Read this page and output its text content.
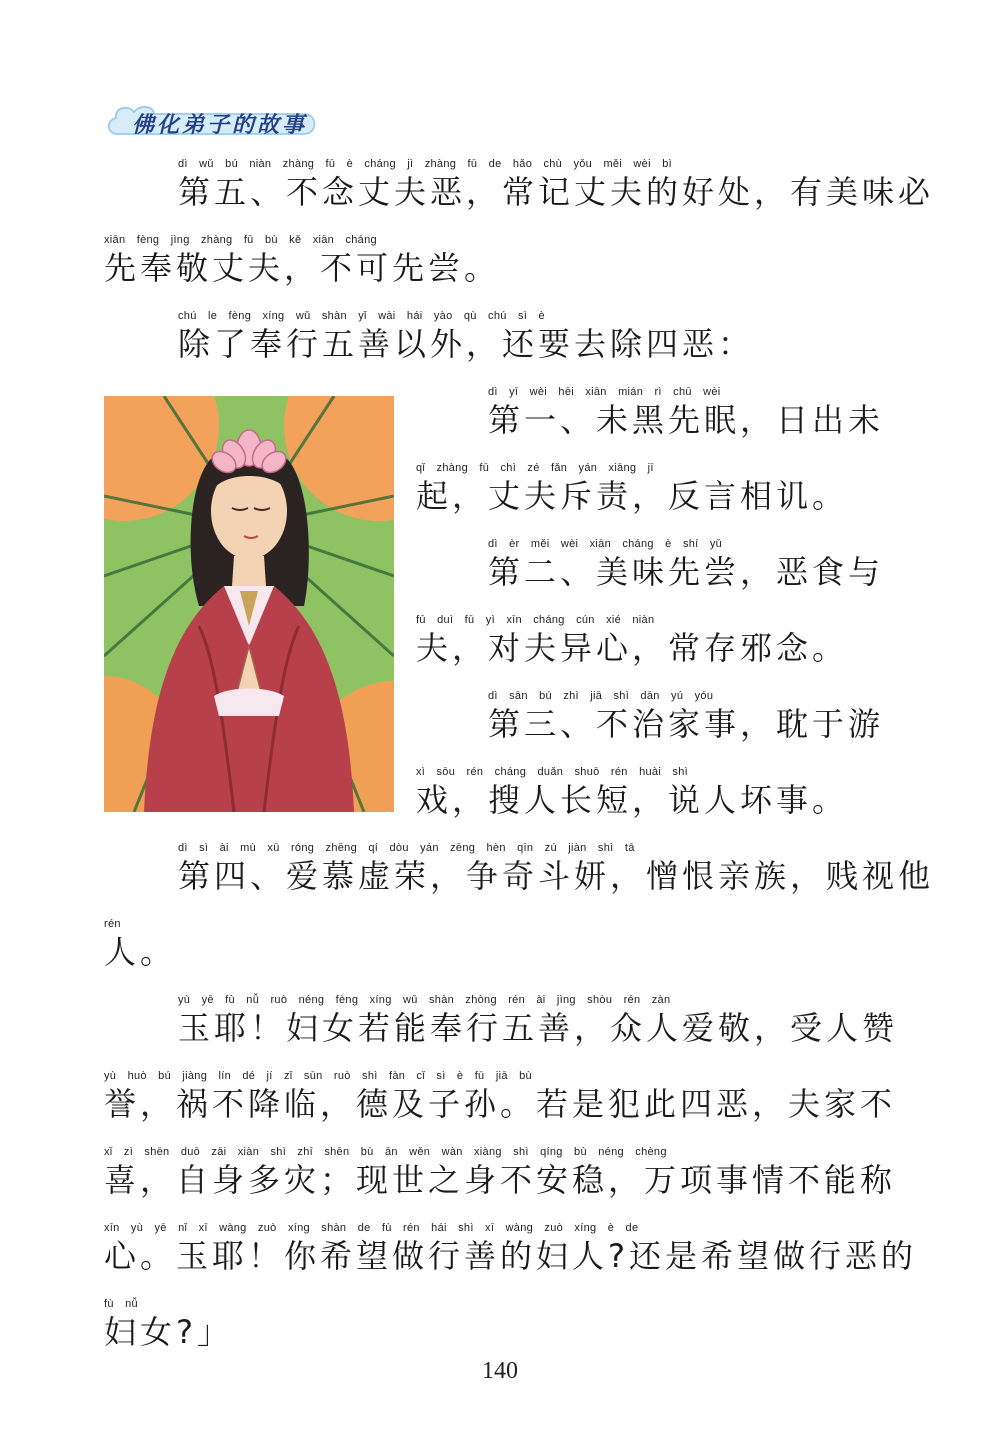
佛化弟子的故事
dì wǔ bú niàn zhàng fū è cháng jì zhàng fū de hǎo chù yǒu měi wèi bì
第五、不念丈夫恶，常记丈夫的好处，有美味必
xiān fèng jìng zhàng fū bù kě xiān cháng
先奉敬丈夫，不可先尝。
chú le fèng xíng wǔ shàn yǐ wài hái yào qù chú sì è
除了奉行五善以外，还要去除四恶：
dì yī wèi hēi xiān mián rì chū wèi
第一、未黑先眠，日出未
qǐ zhàng fū chì zé fǎn yán xiāng jī
起，丈夫斥责，反言相讥。
dì èr měi wèi xiān cháng è shí yǔ
第二、美味先尝，恶食与
fū duì fū yì xīn cháng cún xié niàn
夫，对夫异心，常存邪念。
dì sān bú zhì jiā shì dān yú yóu
第三、不治家事，耽于游
xì sōu rén cháng duǎn shuō rén huài shì
戏，搜人长短，说人坏事。
dì sì ài mù xū róng zhēng qí dòu yán zēng hèn qīn zú jiàn shì tā
第四、爱慕虚荣，争奇斗妍，憎恨亲族，贱视他
rén
人。
yù yē fù nǚ ruò néng fèng xíng wǔ shàn zhòng rén ài jìng shòu rén zàn
玉耶！妇女若能奉行五善，众人爱敬，受人赞
yù huò bú jiàng lín dé jí zǐ sūn ruò shì fàn cǐ sì è fū jiā bù
誉，祸不降临，德及子孙。若是犯此四恶，夫家不
xǐ zì shēn duō zāi xiàn shì zhī shēn bù ān wěn wàn xiàng shì qíng bù néng chèng
喜，自身多灾；现世之身不安稳，万项事情不能称
xīn yù yē nǐ xī wàng zuò xíng shàn de fù rén hái shì xī wàng zuò xíng è de
心。玉耶！你希望做行善的妇人?还是希望做行恶的
fù nǚ
妇女?」
140
